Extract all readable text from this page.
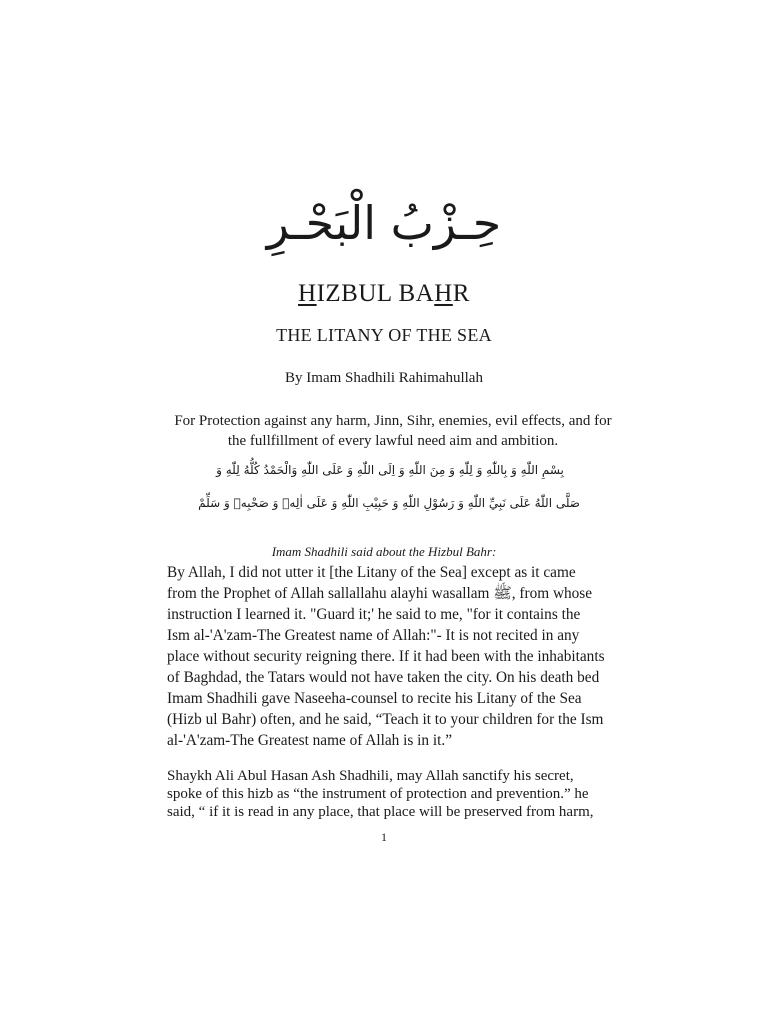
حِـزْبُ الْبَحْـرِ
HIZBUL BAHR
THE LITANY OF THE SEA
By Imam Shadhili Rahimahullah
For Protection against any harm, Jinn, Sihr, enemies, evil effects, and for
the fullfillment of every lawful need aim and ambition.
بِسْمِ اللّٰهِ وَ بِاللّٰهِ وَ لِلّٰهِ وَ مِنَ اللّٰهِ وَ اِلَى اللّٰهِ وَ عَلَى اللّٰهِ وَالْحَمْدُ كُلُّهُ لِلّٰهِ وَ
صَلَّى اللّٰهُ عَلَى نَبِيِّ اللّٰهِ وَ رَسُوْلِ اللّٰهِ وَ حَبِيْبِ اللّٰهِ وَ عَلَى اٰلِهٖ وَ صَحْبِهٖ وَ سَلِّمْ
Imam Shadhili said about the Hizbul Bahr:
By Allah, I did not utter it [the Litany of the Sea] except as it came
from the Prophet of Allah sallallahu alayhi wasallam ﷺ, from whose
instruction I learned it. "Guard it;' he said to me, "for it contains the
Ism al-'A'zam-The Greatest name of Allah:"- It is not recited in any
place without security reigning there. If it had been with the inhabitants
of Baghdad, the Tatars would not have taken the city. On his death bed
Imam Shadhili gave Naseeha-counsel to recite his Litany of the Sea
(Hizb ul Bahr) often, and he said, “Teach it to your children for the Ism
al-'A'zam-The Greatest name of Allah is in it.”
Shaykh Ali Abul Hasan Ash Shadhili, may Allah sanctify his secret,
spoke of this hizb as “the instrument of protection and prevention.” he
said, “ if it is read in any place, that place will be preserved from harm,
1
